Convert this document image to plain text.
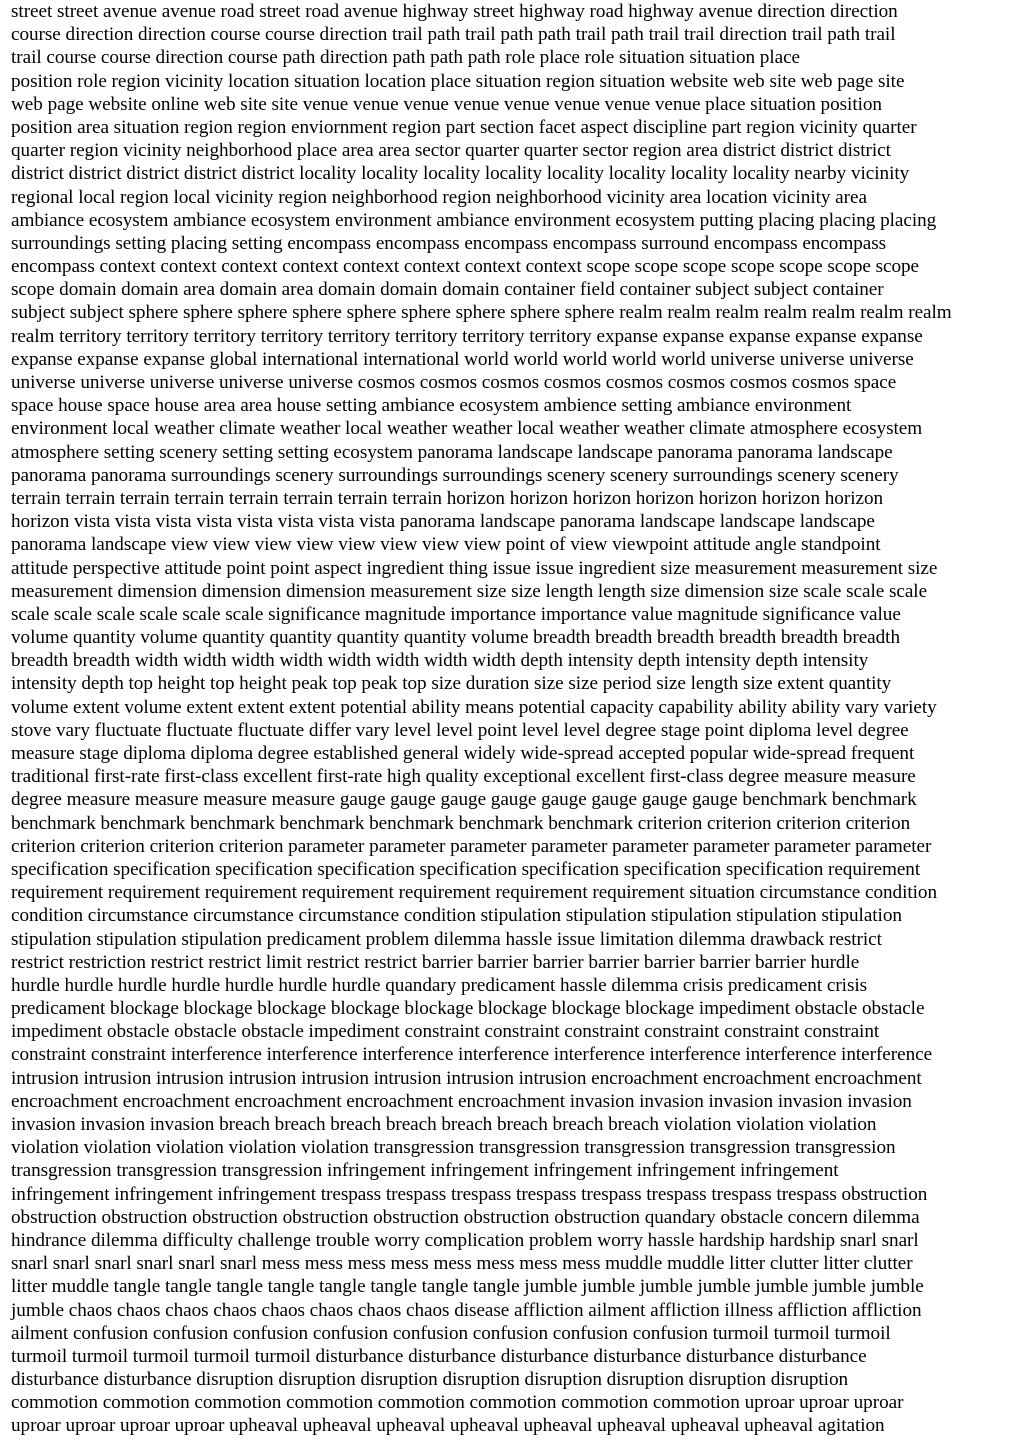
street street avenue avenue road street road avenue highway street highway road highway avenue direction direction
course direction direction course course direction trail path trail path path trail path trail trail direction trail path trail
trail course course direction course path direction path path path role place role situation situation place
position role region vicinity location situation location place situation region situation website web site web page site
web page website online web site site venue venue venue venue venue venue venue venue place situation position
position area situation region region enviornment region part section facet aspect discipline part region vicinity quarter
quarter region vicinity neighborhood place area area sector quarter quarter sector region area district district district
district district district district district locality locality locality locality locality locality locality locality nearby vicinity
regional local region local vicinity region neighborhood region neighborhood vicinity area location vicinity area
ambiance ecosystem ambiance ecosystem environment ambiance environment ecosystem putting placing placing placing
surroundings setting placing setting encompass encompass encompass encompass surround encompass encompass
encompass context context context context context context context context scope scope scope scope scope scope scope
scope domain domain area domain area domain domain domain container field container subject subject container
subject subject sphere sphere sphere sphere sphere sphere sphere sphere sphere realm realm realm realm realm realm realm
realm territory territory territory territory territory territory territory territory expanse expanse expanse expanse expanse
expanse expanse expanse global international international world world world world world universe universe universe
universe universe universe universe universe cosmos cosmos cosmos cosmos cosmos cosmos cosmos cosmos space
space house space house area area house setting ambiance ecosystem ambience setting ambiance environment
environment local weather climate weather local weather weather local weather weather climate atmosphere ecosystem
atmosphere setting scenery setting setting ecosystem panorama landscape landscape panorama panorama landscape
panorama panorama surroundings scenery surroundings surroundings scenery scenery surroundings scenery scenery
terrain terrain terrain terrain terrain terrain terrain terrain horizon horizon horizon horizon horizon horizon horizon
horizon vista vista vista vista vista vista vista vista panorama landscape panorama landscape landscape landscape
panorama landscape view view view view view view view view point of view viewpoint attitude angle standpoint
attitude perspective attitude point point aspect ingredient thing issue issue ingredient size measurement measurement size
measurement dimension dimension dimension measurement size size length length size dimension size scale scale scale
scale scale scale scale scale scale significance magnitude importance importance value magnitude significance value
volume quantity volume quantity quantity quantity quantity volume breadth breadth breadth breadth breadth breadth
breadth breadth width width width width width width width width depth intensity depth intensity depth intensity
intensity depth top height top height peak top peak top size duration size size period size length size extent quantity
volume extent volume extent extent extent potential ability means potential capacity capability ability ability vary variety
stove vary fluctuate fluctuate fluctuate differ vary level level point level level degree stage point diploma level degree
measure stage diploma diploma degree established general widely wide-spread accepted popular wide-spread frequent
traditional first-rate first-class excellent first-rate high quality exceptional excellent first-class degree measure measure
degree measure measure measure measure gauge gauge gauge gauge gauge gauge gauge gauge benchmark benchmark
benchmark benchmark benchmark benchmark benchmark benchmark benchmark criterion criterion criterion criterion
criterion criterion criterion criterion parameter parameter parameter parameter parameter parameter parameter parameter
specification specification specification specification specification specification specification specification requirement
requirement requirement requirement requirement requirement requirement requirement situation circumstance condition
condition circumstance circumstance circumstance condition stipulation stipulation stipulation stipulation stipulation
stipulation stipulation stipulation predicament problem dilemma hassle issue limitation dilemma drawback restrict
restrict restriction restrict restrict limit restrict restrict barrier barrier barrier barrier barrier barrier barrier hurdle
hurdle hurdle hurdle hurdle hurdle hurdle hurdle quandary predicament hassle dilemma crisis predicament crisis
predicament blockage blockage blockage blockage blockage blockage blockage blockage impediment obstacle obstacle
impediment obstacle obstacle obstacle impediment constraint constraint constraint constraint constraint constraint
constraint constraint interference interference interference interference interference interference interference interference
intrusion intrusion intrusion intrusion intrusion intrusion intrusion intrusion encroachment encroachment encroachment
encroachment encroachment encroachment encroachment encroachment invasion invasion invasion invasion invasion
invasion invasion invasion breach breach breach breach breach breach breach breach violation violation violation
violation violation violation violation violation transgression transgression transgression transgression transgression
transgression transgression transgression infringement infringement infringement infringement infringement
infringement infringement infringement trespass trespass trespass trespass trespass trespass trespass trespass obstruction
obstruction obstruction obstruction obstruction obstruction obstruction obstruction quandary obstacle concern dilemma
hindrance dilemma difficulty challenge trouble worry complication problem worry hassle hardship hardship snarl snarl
snarl snarl snarl snarl snarl snarl mess mess mess mess mess mess mess mess muddle muddle litter clutter litter clutter
litter muddle tangle tangle tangle tangle tangle tangle tangle tangle jumble jumble jumble jumble jumble jumble jumble
jumble chaos chaos chaos chaos chaos chaos chaos chaos disease affliction ailment affliction illness affliction affliction
ailment confusion confusion confusion confusion confusion confusion confusion confusion turmoil turmoil turmoil
turmoil turmoil turmoil turmoil turmoil disturbance disturbance disturbance disturbance disturbance disturbance
disturbance disturbance disruption disruption disruption disruption disruption disruption disruption disruption
commotion commotion commotion commotion commotion commotion commotion commotion uproar uproar uproar
uproar uproar uproar uproar upheaval upheaval upheaval upheaval upheaval upheaval upheaval upheaval agitation
